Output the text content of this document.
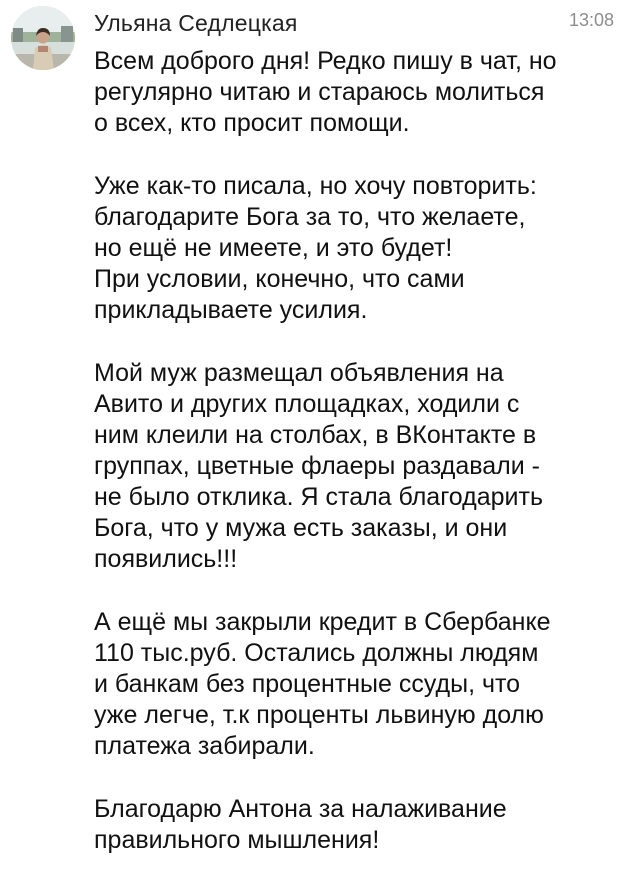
Ульяна Седлецкая	13:08
Всем доброго дня! Редко пишу в чат, но
регулярно читаю и стараюсь молиться
о всех, кто просит помощи.
Уже как-то писала, но хочу повторить:
благодарите Бога за то, что желаете,
но ещё не имеете, и это будет!
При условии, конечно, что сами
прикладываете усилия.
Мой муж размещал объявления на
Авито и других площадках, ходили с
ним клеили на столбах, в ВКонтакте в
группах, цветные флаеры раздавали -
не было отклика. Я стала благодарить
Бога, что у мужа есть заказы, и они
появились!!!
А ещё мы закрыли кредит в Сбербанке
110 тыс.руб. Остались должны людям
и банкам без процентные ссуды, что
уже легче, т.к проценты львиную долю
платежа забирали.
Благодарю Антона за налаживание
правильного мышления!
